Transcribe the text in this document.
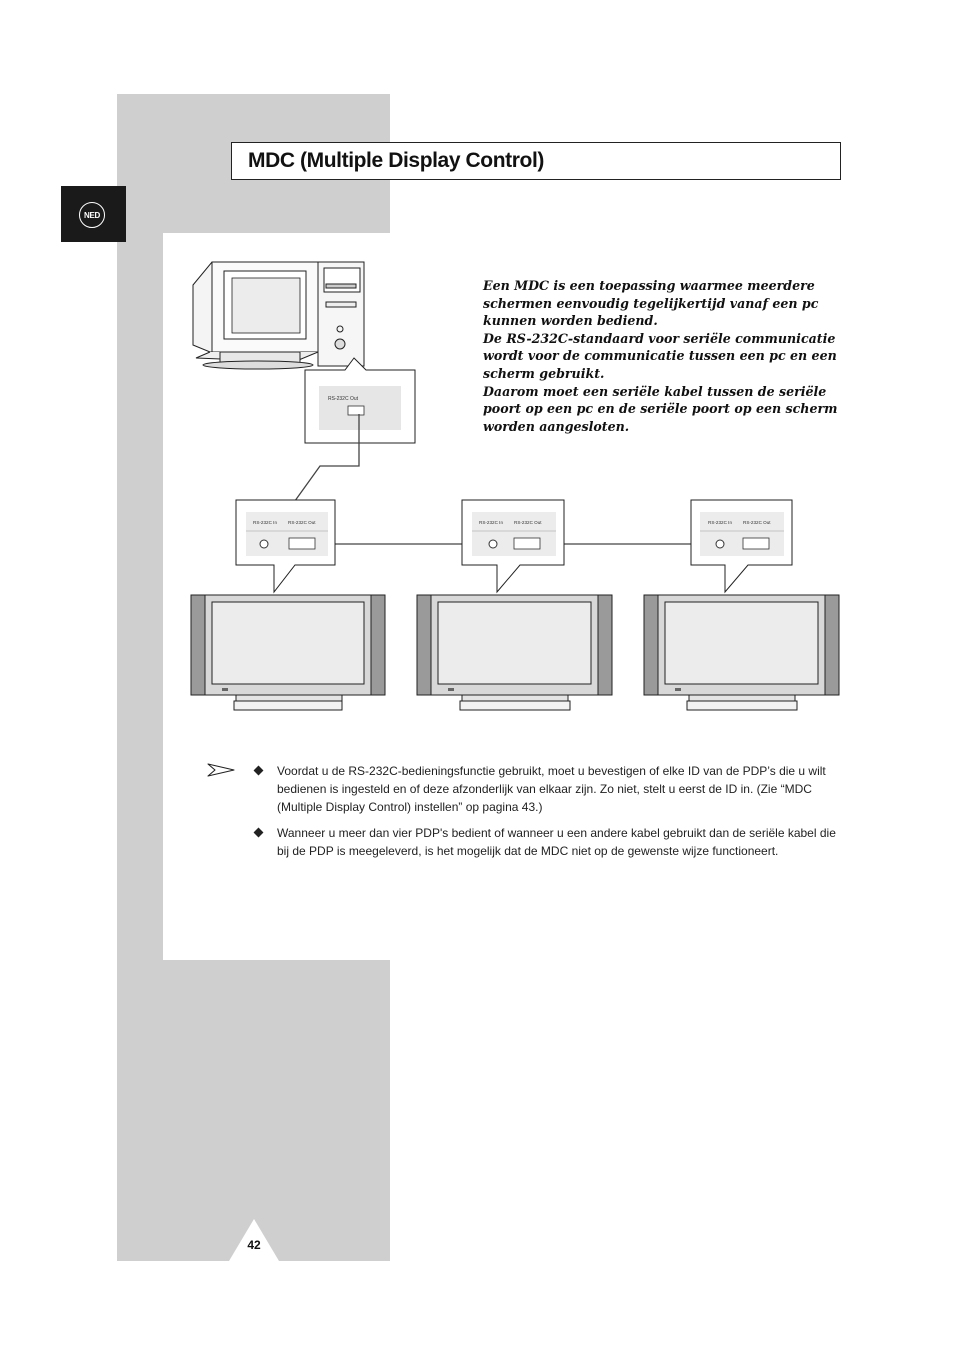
NED
MDC (Multiple Display Control)
RS-232C Out
RS-232C In RS-232C Out	RS-232C In RS-232C Out	RS-232C In RS-232C Out

Een MDC is een toepassing waarmee meerdere schermen eenvoudig tegelijkertijd vanaf een pc kunnen worden bediend.

De RS-232C-standaard voor seriële communicatie wordt voor de communicatie tussen een pc en een scherm gebruikt.

Daarom moet een seriële kabel tussen de seriële poort op een pc en de seriële poort op een scherm worden aangesloten.

Voordat u de RS-232C-bedieningsfunctie gebruikt, moet u bevestigen of elke ID van de PDP’s die u wilt bedienen is ingesteld en of deze afzonderlijk van elkaar zijn. Zo niet, stelt u eerst de ID in. (Zie “MDC (Multiple Display Control) instellen” op pagina 43.)
Wanneer u meer dan vier PDP's bedient of wanneer u een andere kabel gebruikt dan de seriële kabel die bij de PDP is meegeleverd, is het mogelijk dat de MDC niet op de gewenste wijze functioneert.
42
